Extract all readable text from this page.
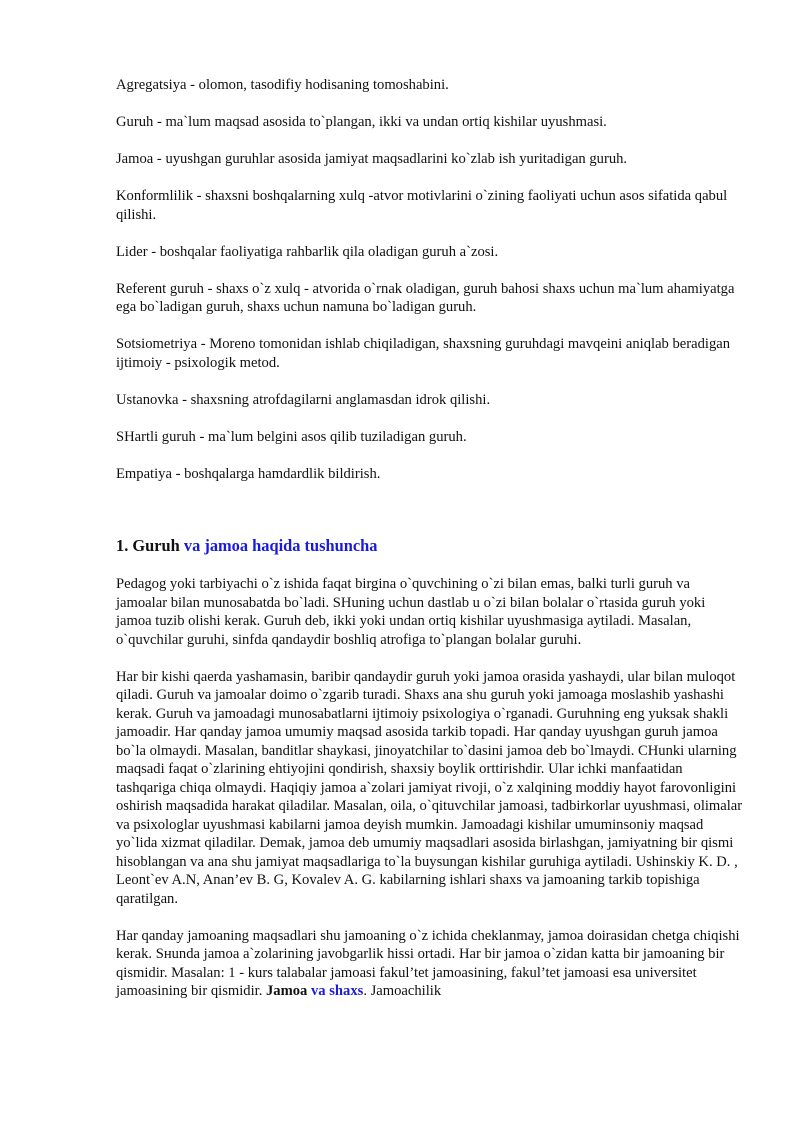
Agregatsiya - olomon, tasodifiy hodisaning tomoshabini.

Guruh - ma`lum maqsad asosida to`plangan, ikki va undan ortiq kishilar uyushmasi.

Jamoa - uyushgan guruhlar asosida jamiyat maqsadlarini ko`zlab ish yuritadigan guruh.

Konformlilik - shaxsni boshqalarning xulq -atvor motivlarini o`zining faoliyati uchun asos sifatida qabul qilishi.

Lider - boshqalar faoliyatiga rahbarlik qila oladigan guruh a`zosi.

Referent guruh - shaxs o`z xulq - atvorida o`rnak oladigan, guruh bahosi shaxs uchun ma`lum ahamiyatga ega bo`ladigan guruh, shaxs uchun namuna bo`ladigan guruh.

Sotsiometriya - Moreno tomonidan ishlab chiqiladigan, shaxsning guruhdagi mavqeini aniqlab beradigan ijtimoiy - psixologik metod.

Ustanovka - shaxsning atrofdagilarni anglamasdan idrok qilishi.

SHartli guruh - ma`lum belgini asos qilib tuziladigan guruh.

Empatiya - boshqalarga hamdardlik bildirish.

1. Guruh va jamoa haqida tushuncha

Pedagog yoki tarbiyachi o`z ishida faqat birgina o`quvchining o`zi bilan emas, balki turli guruh va jamoalar bilan munosabatda bo`ladi. SHuning uchun dastlab u o`zi bilan bolalar o`rtasida guruh yoki jamoa tuzib olishi kerak. Guruh deb, ikki yoki undan ortiq kishilar uyushmasiga aytiladi. Masalan, o`quvchilar guruhi, sinfda qandaydir boshliq atrofiga to`plangan bolalar guruhi.

Har bir kishi qaerda yashamasin, baribir qandaydir guruh yoki jamoa orasida yashaydi, ular bilan muloqot qiladi. Guruh va jamoalar doimo o`zgarib turadi. Shaxs ana shu guruh yoki jamoaga moslashib yashashi kerak. Guruh va jamoadagi munosabatlarni ijtimoiy psixologiya o`rganadi. Guruhning eng yuksak shakli jamoadir. Har qanday jamoa umumiy maqsad asosida tarkib topadi. Har qanday uyushgan guruh jamoa bo`la olmaydi. Masalan, banditlar shaykasi, jinoyatchilar to`dasini jamoa deb bo`lmaydi. CHunki ularning maqsadi faqat o`zlarining ehtiyojini qondirish, shaxsiy boylik orttirishdir. Ular ichki manfaatidan tashqariga chiqa olmaydi. Haqiqiy jamoa a`zolari jamiyat rivoji, o`z xalqining moddiy hayot farovonligini oshirish maqsadida harakat qiladilar. Masalan, oila, o`qituvchilar jamoasi, tadbirkorlar uyushmasi, olimalar va psixologlar uyushmasi kabilarni jamoa deyish mumkin. Jamoadagi kishilar umuminsoniy maqsad yo`lida xizmat qiladilar. Demak, jamoa deb umumiy maqsadlari asosida birlashgan, jamiyatning bir qismi hisoblangan va ana shu jamiyat maqsadlariga to`la buysungan kishilar guruhiga aytiladi. Ushinskiy K. D. , Leont`ev A.N, Anan’ev B. G, Kovalev A. G. kabilarning ishlari shaxs va jamoaning tarkib topishiga qaratilgan.

Har qanday jamoaning maqsadlari shu jamoaning o`z ichida cheklanmay, jamoa doirasidan chetga chiqishi kerak. Sʜunda jamoa a`zolarining javobgarlik hissi ortadi. Har bir jamoa o`zidan katta bir jamoaning bir qismidir. Masalan: 1 - kurs talabalar jamoasi fakul’tet jamoasining, fakul’tet jamoasi esa universitet jamoasining bir qismidir. Jamoa va shaxs. Jamoachilik
